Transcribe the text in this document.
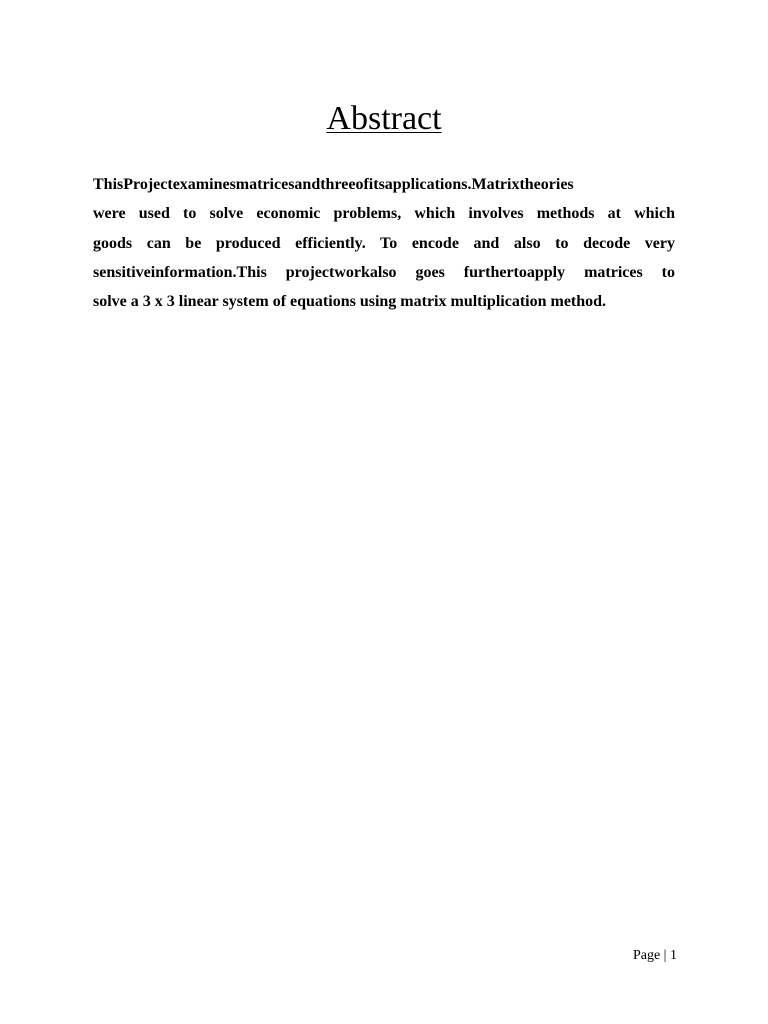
Abstract
ThisProjectexaminesmatricesandthreeofitsapplications.Matrixtheories
were used to solve economic problems, which involves methods at which
goods can be produced efficiently. To encode and also to decode very
sensitiveinformation.This projectworkalso goes furthertoapply matrices to
solve a 3 x 3 linear system of equations using matrix multiplication method.
Page | 1
